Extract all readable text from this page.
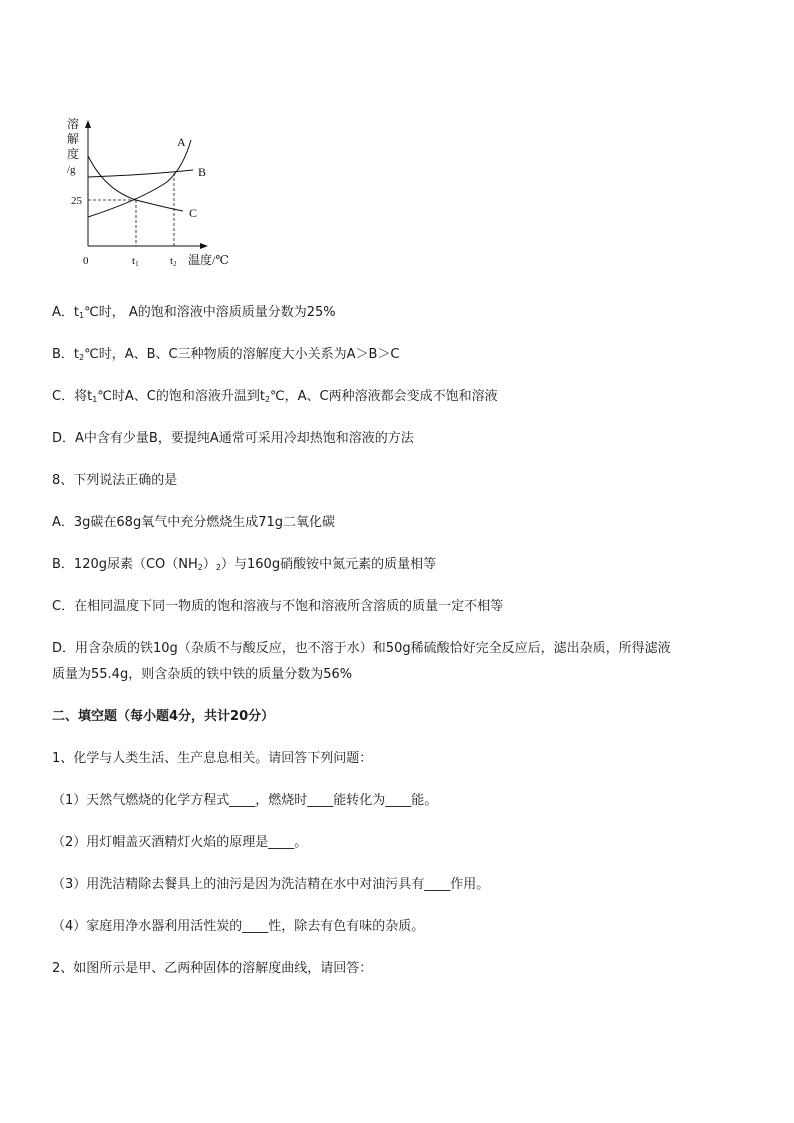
溶
解
度
/g
25
0	t1	t2 温度/℃
A
B
C
A．$t_1℃$时， A的饱和溶液中溶质质量分数为25%
B．$t_2℃$时，A、B、C三种物质的溶解度大小关系为A＞B＞C
C．将$t_1℃$时A、C的饱和溶液升温到$t_2℃$，A、C两种溶液都会变成不饱和溶液
D．A中含有少量B，要提纯A通常可采用冷却热饱和溶液的方法
8、下列说法正确的是
A．3g碳在68g氧气中充分燃烧生成71g二氧化碳
B．120g尿素$(CO(NH_2)_2)$与160g硝酸铵中氮元素的质量相等
C．在相同温度下同一物质的饱和溶液与不饱和溶液所含溶质的质量一定不相等
D．用含杂质的铁10g（杂质不与酸反应，也不溶于水）和50g稀硫酸恰好完全反应后，滤出杂质，所得滤液
质量为55.4g，则含杂质的铁中铁的质量分数为56%
二、填空题（每小题4分，共计20分）
1、化学与人类生活、生产息息相关。请回答下列问题：
（1）天然气燃烧的化学方程式____，燃烧时____能转化为____能。
（2）用灯帽盖灭酒精灯火焰的原理是____。
（3）用洗洁精除去餐具上的油污是因为洗洁精在水中对油污具有____作用。
（4）家庭用净水器利用活性炭的____性，除去有色有味的杂质。
2、如图所示是甲、乙两种固体的溶解度曲线，请回答：
